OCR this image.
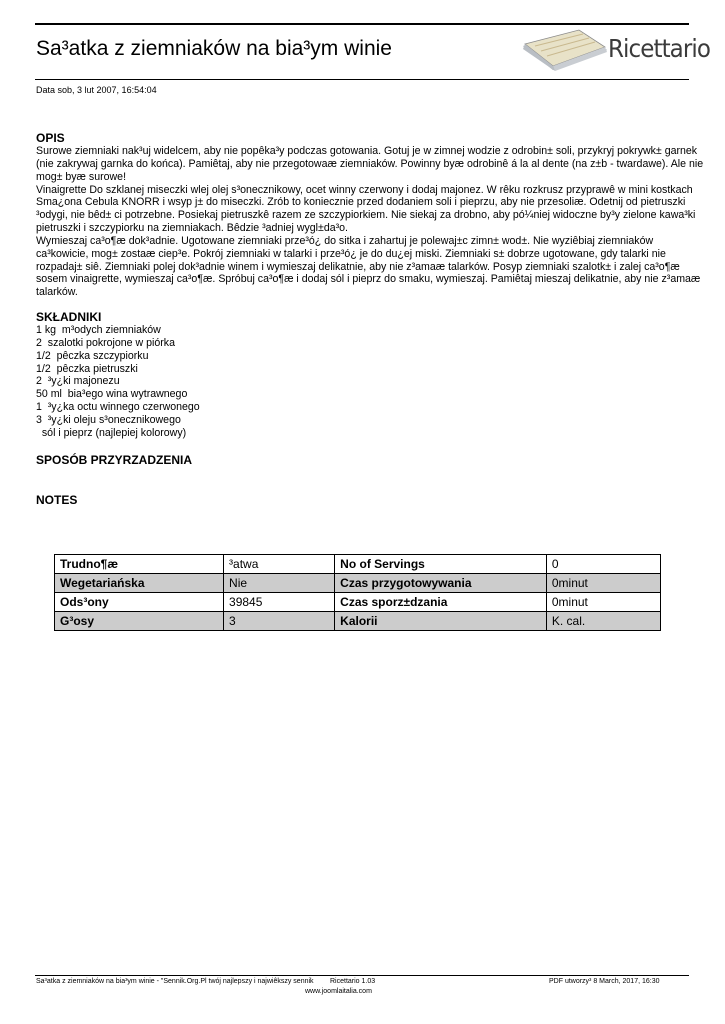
Sa³atka z ziemniaków na bia³ym winie	Ricettario
Data sob, 3 lut 2007, 16:54:04
OPIS

Surowe ziemniaki nak³uj widelcem, aby nie popêka³y podczas gotowania. Gotuj je w zimnej wodzie z odrobin± soli, przykryj pokrywk± garnek (nie zakrywaj garnka do końca). Pamiêtaj, aby nie przegotowaæ ziemniaków. Powinny byæ odrobinê á la al dente (na z±b - twardawe). Ale nie mog± byæ surowe!

Vinaigrette Do szklanej miseczki wlej olej s³onecznikowy, ocet winny czerwony i dodaj majonez. W rêku rozkrusz przyprawê w mini kostkach Sma¿ona Cebula KNORR i wsyp j± do miseczki. Zrób to koniecznie przed dodaniem soli i pieprzu, aby nie przesoliæ. Odetnij od pietruszki ³odygi, nie bêd± ci potrzebne. Posiekaj pietruszkê razem ze szczypiorkiem. Nie siekaj za drobno, aby pó¼niej widoczne by³y zielone kawa³ki pietruszki i szczypiorku na ziemniakach. Bêdzie ³adniej wygl±da³o.

Wymieszaj ca³o¶æ dok³adnie. Ugotowane ziemniaki prze³ó¿ do sitka i zahartuj je polewaj±c zimn± wod±. Nie wyziêbiaj ziemniaków ca³kowicie, mog± zostaæ ciep³e. Pokrój ziemniaki w talarki i prze³ó¿ je do du¿ej miski. Ziemniaki s± dobrze ugotowane, gdy talarki nie rozpadaj± siê. Ziemniaki polej dok³adnie winem i wymieszaj delikatnie, aby nie z³amaæ talarków. Posyp ziemniaki szalotk± i zalej ca³o¶æ sosem vinaigrette, wymieszaj ca³o¶æ. Spróbuj ca³o¶æ i dodaj sól i pieprz do smaku, wymieszaj. Pamiêtaj mieszaj delikatnie, aby nie z³amaæ talarków.

SKŁADNIKI
1 kg  m³odych ziemniaków
2  szalotki pokrojone w piórka
1/2  pêczka szczypiorku
1/2  pêczka pietruszki
2  ³y¿ki majonezu
50 ml  bia³ego wina wytrawnego
1  ³y¿ka octu winnego czerwonego
3  ³y¿ki oleju s³onecznikowego
sól i pieprz (najlepiej kolorowy)
SPOSÓB PRZYRZADZENIA
NOTES
Trudno¶æ	³atwa	No of Servings	0
Wegetariańska	Nie	Czas przygotowywania	0minut
Ods³ony	39845	Czas sporz±dzania	0minut
G³osy	3	Kalorii	K. cal.
Sa³atka z ziemniaków na bia³ym winie - "Sennik.Org.Pl twój najlepszy i najwiêkszy sennik Ricettario 1.03	PDF utworzy³ 8 March, 2017, 16:30
www.joomlaitalia.com
